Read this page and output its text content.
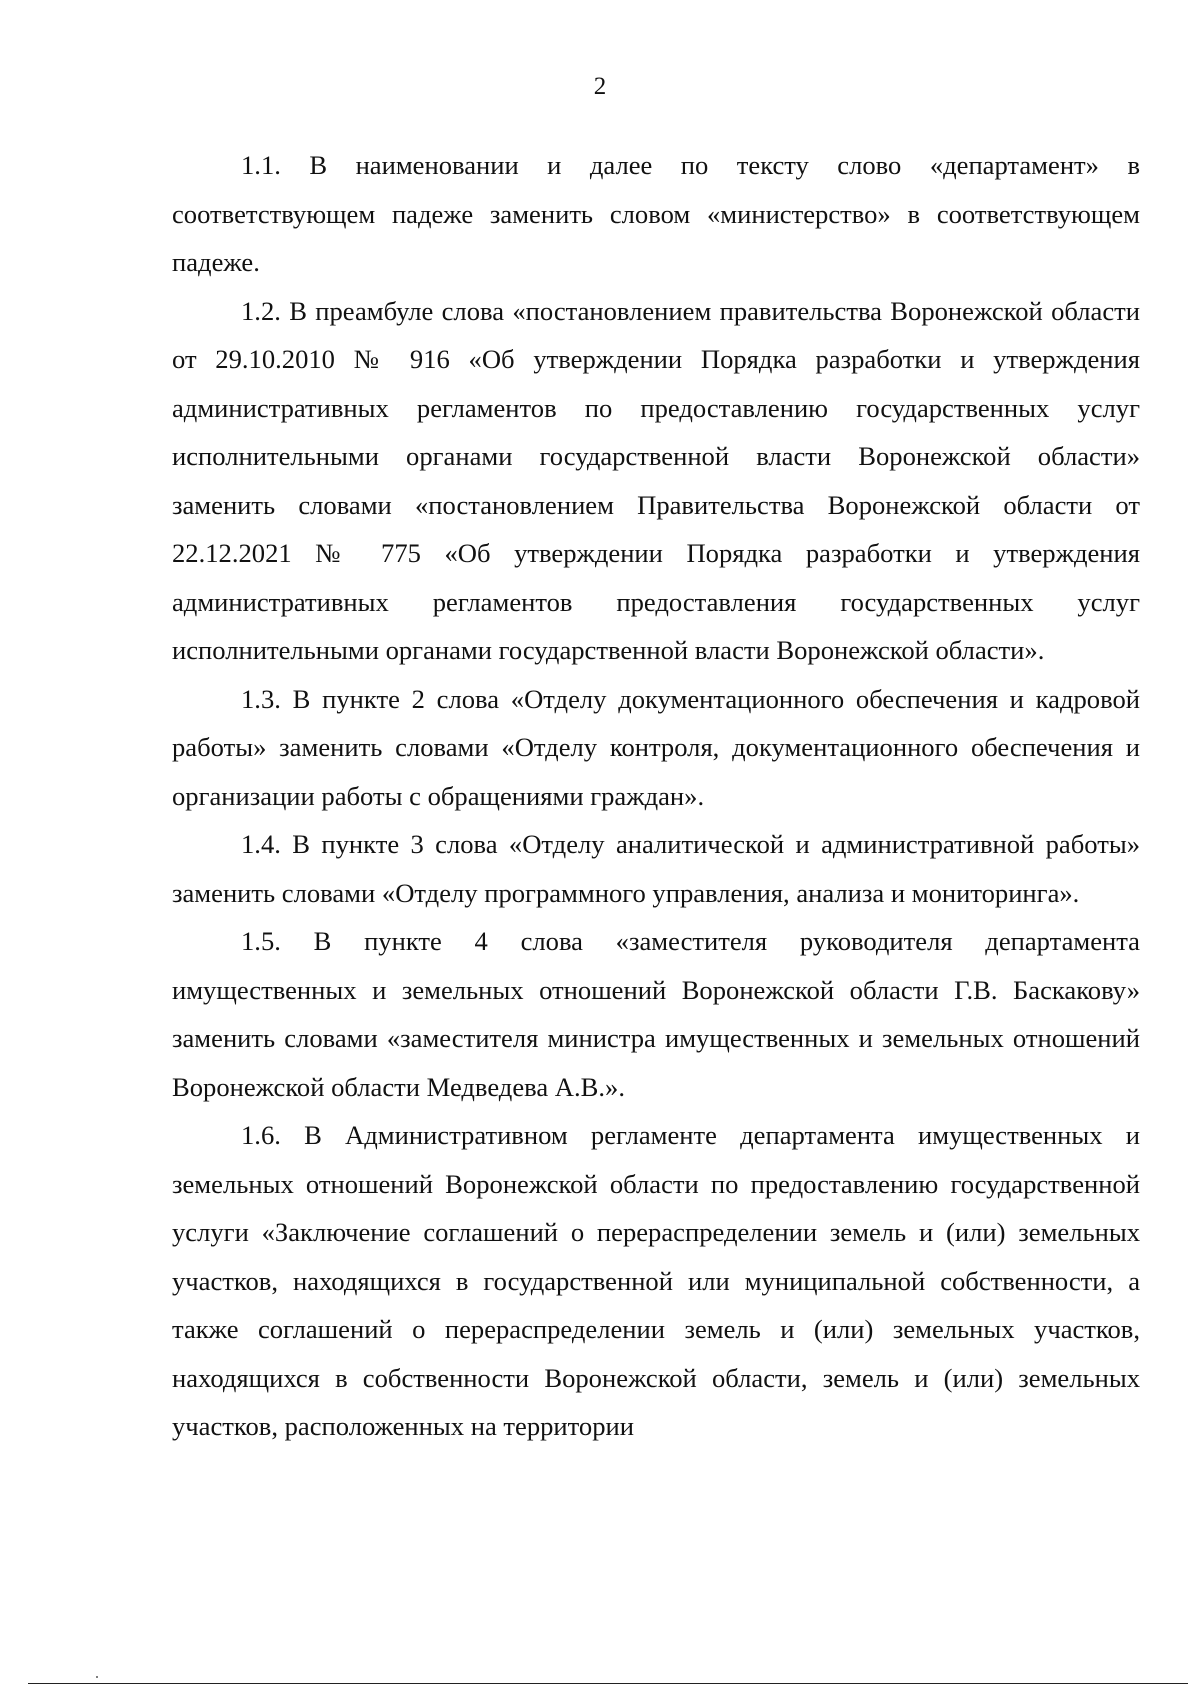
2

1.1. В наименовании и далее по тексту слово «департамент» в соответствующем падеже заменить словом «министерство» в соответствующем падеже.

1.2. В преамбуле слова «постановлением правительства Воронежской области от 29.10.2010 № 916 «Об утверждении Порядка разработки и утверждения административных регламентов по предоставлению государственных услуг исполнительными органами государственной власти Воронежской области» заменить словами «постановлением Правительства Воронежской области от 22.12.2021 № 775 «Об утверждении Порядка разработки и утверждения административных регламентов предоставления государственных услуг исполнительными органами государственной власти Воронежской области».

1.3. В пункте 2 слова «Отделу документационного обеспечения и кадровой работы» заменить словами «Отделу контроля, документационного обеспечения и организации работы с обращениями граждан».

1.4. В пункте 3 слова «Отделу аналитической и административной работы» заменить словами «Отделу программного управления, анализа и мониторинга».

1.5. В пункте 4 слова «заместителя руководителя департамента имущественных и земельных отношений Воронежской области Г.В. Баскакову» заменить словами «заместителя министра имущественных и земельных отношений Воронежской области Медведева А.В.».

1.6. В Административном регламенте департамента имущественных и земельных отношений Воронежской области по предоставлению государственной услуги «Заключение соглашений о перераспределении земель и (или) земельных участков, находящихся в государственной или муниципальной собственности, а также соглашений о перераспределении земель и (или) земельных участков, находящихся в собственности Воронежской области, земель и (или) земельных участков, расположенных на территории
